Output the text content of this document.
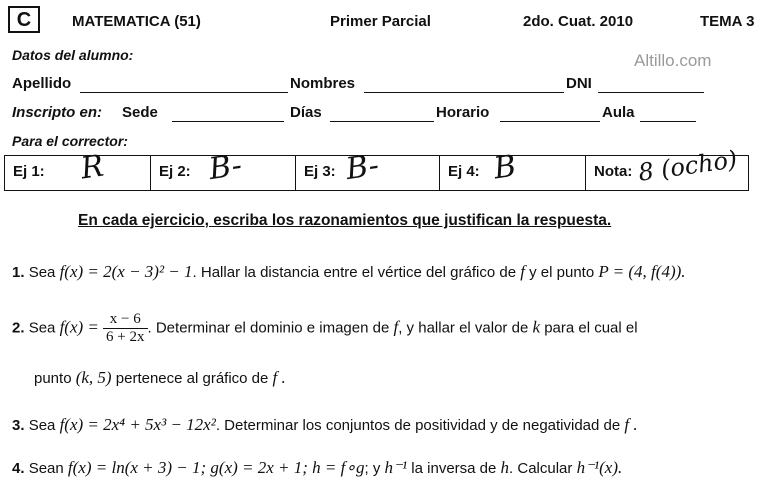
C	MATEMATICA (51)	Primer Parcial	2do. Cuat. 2010	TEMA 3
Altillo.com
Datos del alumno:
Apellido	Nombres	DNI
Inscripto en: Sede	Días	Horario	Aula
Para el corrector:
Ej 1: R	Ej 2: B-	Ej 3: B-	Ej 4: B	Nota: 8 (ocho)
En cada ejercicio, escriba los razonamientos que justifican la respuesta.
1. Sea f(x) = 2(x − 3)² − 1. Hallar la distancia entre el vértice del gráfico de f y el punto P = (4, f(4)).
2. Sea $f(x) = \frac{x - 6}{6 + 2x}$ . Determinar el dominio e imagen de f, y hallar el valor de k para el cual el
punto (k, 5) pertenece al gráfico de f .
3. Sea f(x) = 2x⁴ + 5x³ − 12x². Determinar los conjuntos de positividad y de negatividad de f .
4. Sean f(x) = ln(x + 3) − 1; g(x) = 2x + 1; h = f∘g; y h⁻¹ la inversa de h. Calcular h⁻¹(x).
